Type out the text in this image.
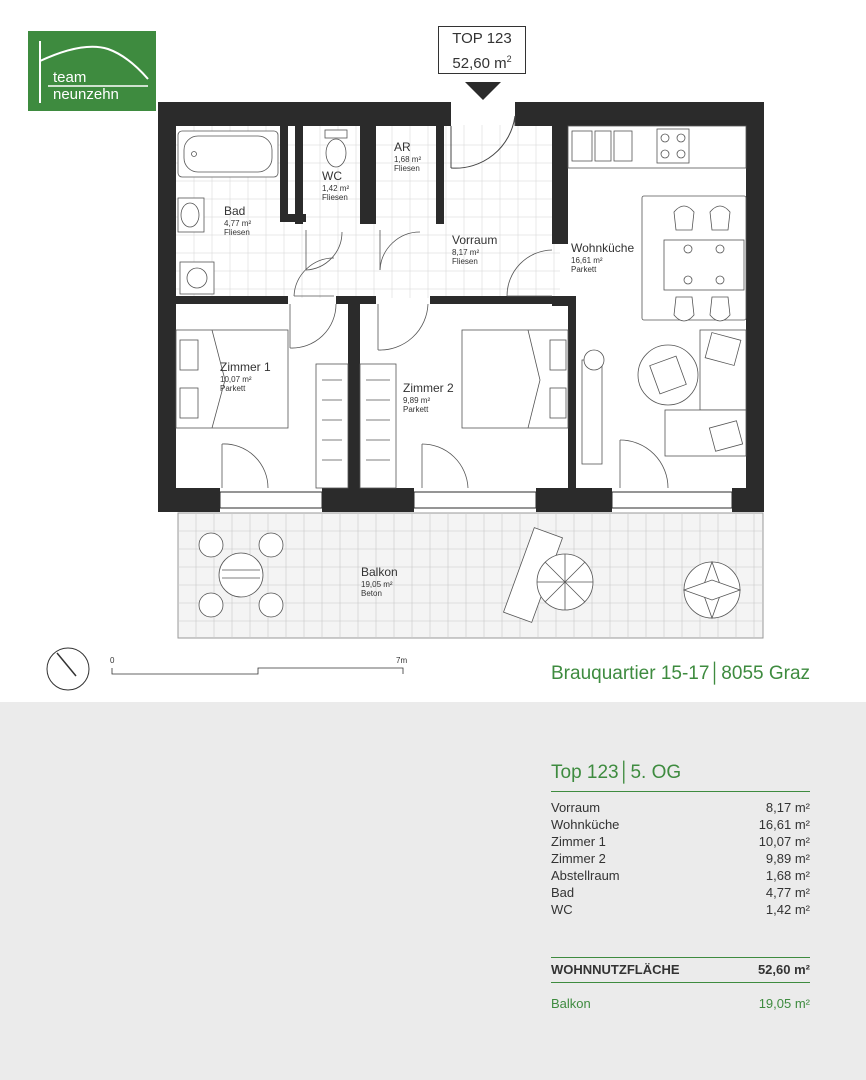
team
neunzehn
TOP 123
52,60 $m^2$
Bad
4,77 m²
Fliesen
WC
1,42 m²
Fliesen
AR
1,68 m²
Fliesen
Vorraum
8,17 m²
Fliesen
Wohnküche
16,61 m²
Parkett
Zimmer 1
10,07 m²
Parkett	Zimmer 2
9,89 m²
Parkett
Balkon
19,05 m²
Beton
0	7m
Brauquartier 15-17│8055 Graz
Top 123│5. OG
Vorraum	8,17 m²
Wohnküche	16,61 m²
Zimmer 1	10,07 m²
Zimmer 2	9,89 m²
Abstellraum	1,68 m²
Bad	4,77 m²
WC	1,42 m²
WOHNNUTZFLÄCHE	52,60 m²
Balkon	19,05 m²
